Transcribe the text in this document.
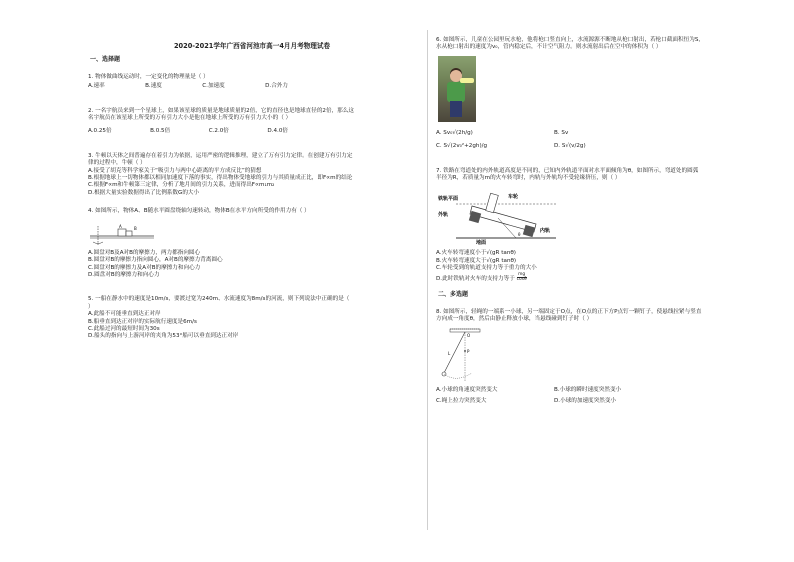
2020-2021学年广西省河池市高一4月月考物理试卷
一、选择题
1. 物体做曲线运动时，一定变化的物理量是（ ）
A.速率	B.速度	C.加速度	D.合外力
2. 一名宇航员来到一个星球上，如果该星球的质量是地球质量的2倍，它的直径也是地球直径的2倍，那么这
名宇航员在该星球上所受的万有引力大小是他在地球上所受的万有引力大小的（ ）
A.0.25倍	B.0.5倍	C.2.0倍	D.4.0倍
3. 牛顿以天体之间普遍存在着引力为依据，运用严密的逻辑推理，建立了万有引力定律。在创建万有引力定
律的过程中，牛顿（ ）
A.接受了胡克等科学家关于“吸引力与两中心距离的平方成反比”的猜想
B.根据地球上一切物体都以相同加速度下落的事实，得出物体受地球的引力与其质量成正比，即F∝m的结论
C.根据F∝m和牛顿第三定律，分析了地月间的引力关系，进而得出F∝m₁m₂
D.根据大量实验数据得出了比例系数G的大小
4. 如图所示，物体A、B随水平圆盘绕轴匀速转动，物体B在水平方向所受的作用力有（ ）
A	B
A.圆盘对B及A对B的摩擦力，两力都指向圆心
B.圆盘对B的摩擦力指向圆心，A对B的摩擦力背离圆心
C.圆盘对B的摩擦力及A对B的摩擦力和向心力
D.圆盘对B的摩擦力和向心力
5. 一船在静水中的速度是10m/s，要渡过宽为240m、水流速度为8m/s的河流，则下列说法中正确的是（
）
A.此船不可能垂直到达正对岸
B.船垂直到达正对岸的实际航行速度是6m/s
C.此船过河的最短时间为30s
D.船头的指向与上游河岸的夹角为53°船可以垂直到达正对岸
6. 如图所示，儿童在公园里玩水枪，他将枪口竖直向上，水流源源不断地从枪口射出，若枪口截面积恒为S，
水从枪口射出的速度为v₀，管内稳定后，不计空气阻力。则水流射出后在空中的体积为（ ）
A. Sv₀√(2h/g)	B. Sv
C. S√(2v₀²+2gh)/g	D. S√(v/2g)
7. 铁路在弯道处的内外轨道高度是不同的，已知内外轨道平面对水平面倾角为θ，如图所示，弯道处的圆弧
半径为R，若质量为m的火车转弯时，内轨与外轨均不受轮缘挤压，则（ ）
铁轨平面	车轮
外轨
内轨
地面
θ
A.火车转弯速度小于√(gR tanθ)
B.火车转弯速度大于√(gR tanθ)
C.车轮受到的轨道支持力等于重力的大小
D.此时铁轨对火车的支持力等于 $\frac{mg}{\cos\theta}$
二、多选题
8. 如图所示，轻绳的一端系一小球，另一端固定于O点，在O点的正下方P点钉一颗钉子，使悬线拉紧与竖直
方向成一角度θ，然后由静止释放小球，当悬线碰到钉子时（ ）
O
P
L
A.小球的角速度突然变大	B.小球的瞬时速度突然变小
C.绳上拉力突然变大	D.小球的加速度突然变小
